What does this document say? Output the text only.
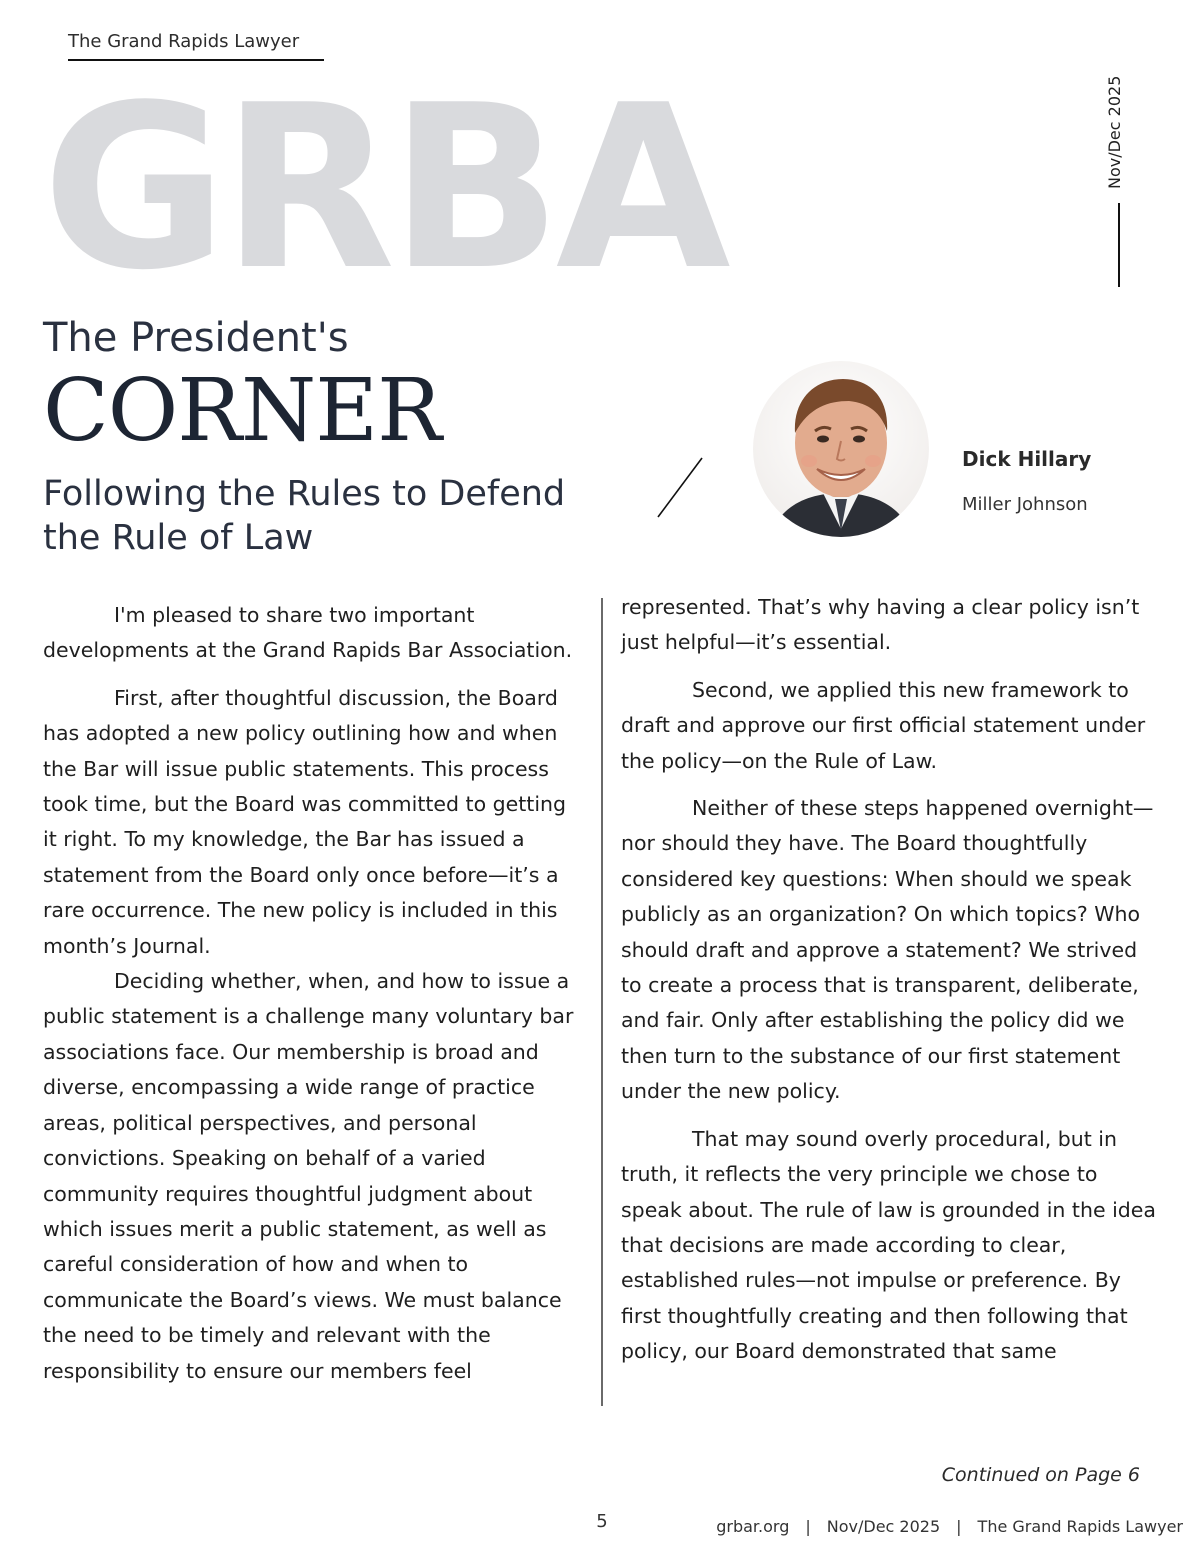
The Grand Rapids Lawyer
GRBA	Nov/Dec 2025
The President's
CORNER
Following the Rules to Defend the Rule of Law
Dick Hillary
Miller Johnson

I'm pleased to share two important developments at the Grand Rapids Bar Association.

First, after thoughtful discussion, the Board has adopted a new policy outlining how and when the Bar will issue public statements. This process took time, but the Board was committed to getting it right. To my knowledge, the Bar has issued a statement from the Board only once before—it’s a rare occurrence. The new policy is included in this month’s Journal.

Deciding whether, when, and how to issue a public statement is a challenge many voluntary bar associations face. Our membership is broad and diverse, encompassing a wide range of practice areas, political perspectives, and personal convictions. Speaking on behalf of a varied community requires thoughtful judgment about which issues merit a public statement, as well as careful consideration of how and when to communicate the Board’s views. We must balance the need to be timely and relevant with the responsibility to ensure our members feel

represented. That’s why having a clear policy isn’t just helpful—it’s essential.

Second, we applied this new framework to draft and approve our first official statement under the policy—on the Rule of Law.

Neither of these steps happened overnight—nor should they have. The Board thoughtfully considered key questions: When should we speak publicly as an organization? On which topics? Who should draft and approve a statement? We strived to create a process that is transparent, deliberate, and fair. Only after establishing the policy did we then turn to the substance of our first statement under the new policy.

That may sound overly procedural, but in truth, it reflects the very principle we chose to speak about. The rule of law is grounded in the idea that decisions are made according to clear, established rules—not impulse or preference. By first thoughtfully creating and then following that policy, our Board demonstrated that same

Continued on Page 6
5	grbar.org | Nov/Dec 2025 | The Grand Rapids Lawyer
